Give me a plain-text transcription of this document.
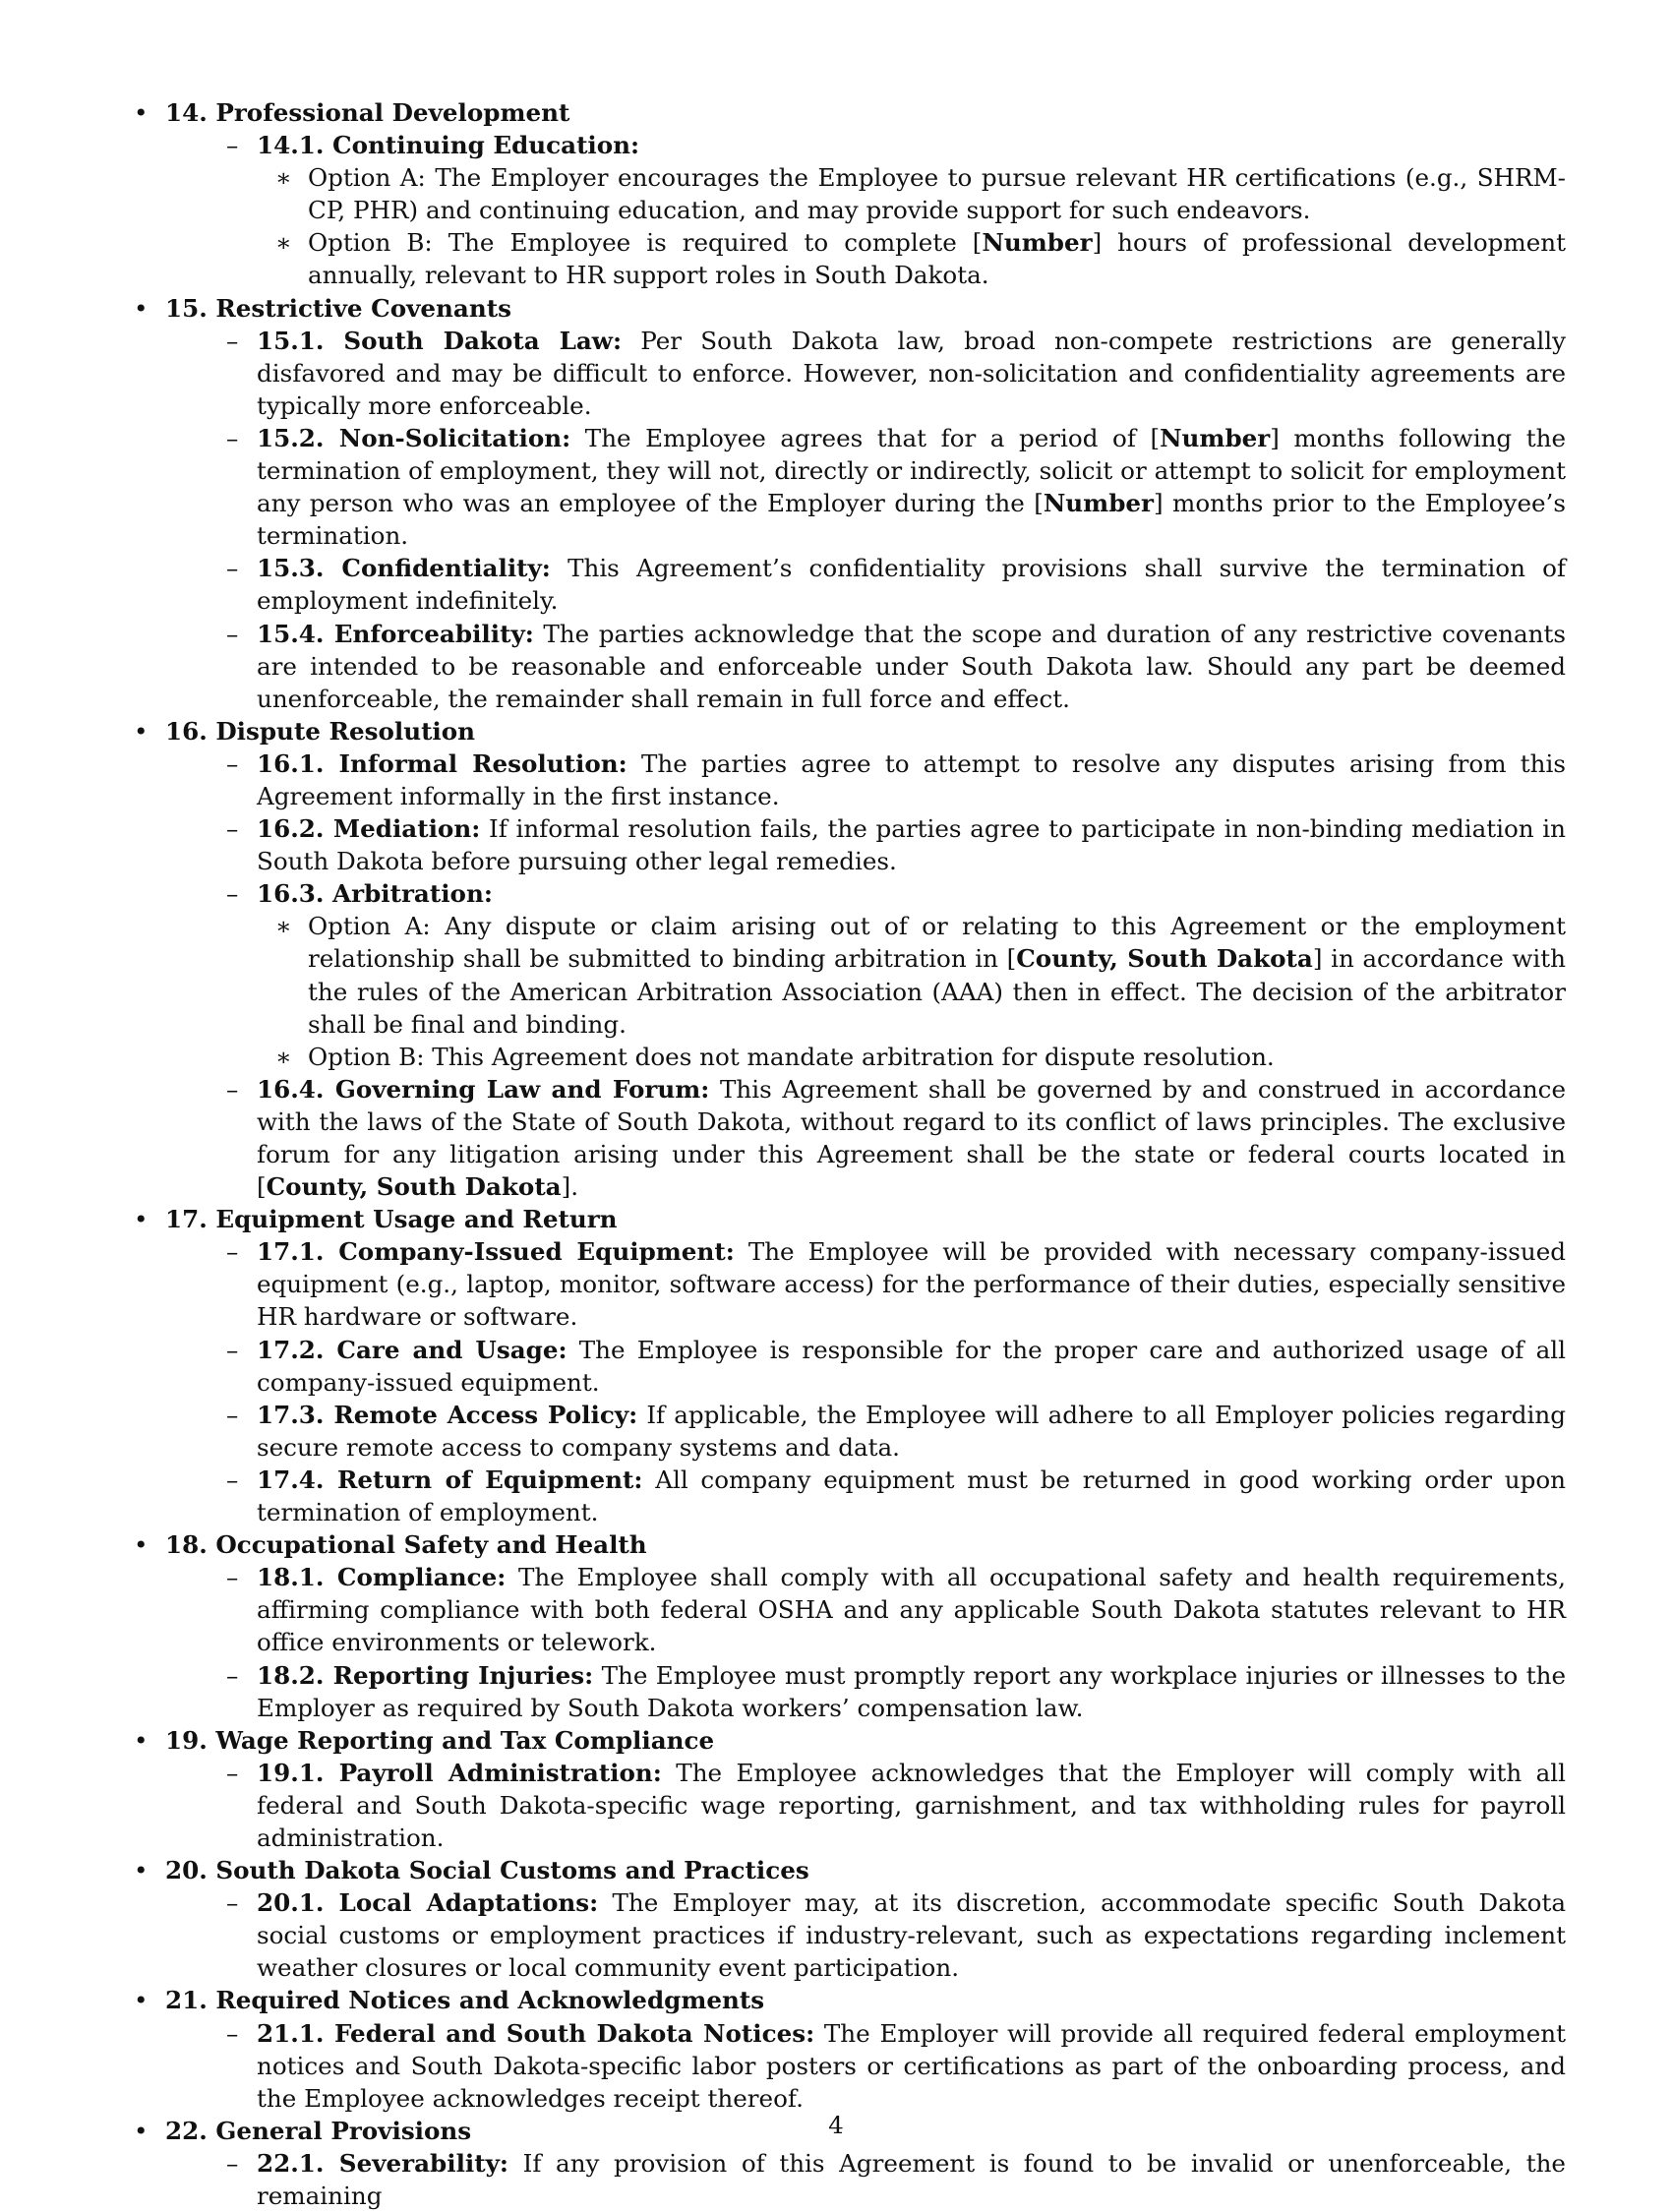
• 14. Professional Development
– 14.1. Continuing Education:
∗ Option A: The Employer encourages the Employee to pursue relevant HR certifications (e.g., SHRM-CP, PHR) and continuing education, and may provide support for such endeavors.
∗ Option B: The Employee is required to complete [Number] hours of professional development annually, relevant to HR support roles in South Dakota.
• 15. Restrictive Covenants
– 15.1. South Dakota Law: Per South Dakota law, broad non-compete restrictions are generally disfavored and may be difficult to enforce. However, non-solicitation and confidentiality agreements are typically more enforceable.
– 15.2. Non-Solicitation: The Employee agrees that for a period of [Number] months following the termination of employment, they will not, directly or indirectly, solicit or attempt to solicit for employment any person who was an employee of the Employer during the [Number] months prior to the Employee’s termination.
– 15.3. Confidentiality: This Agreement’s confidentiality provisions shall survive the termination of employment indefinitely.
– 15.4. Enforceability: The parties acknowledge that the scope and duration of any restrictive covenants are intended to be reasonable and enforceable under South Dakota law. Should any part be deemed unenforceable, the remainder shall remain in full force and effect.
• 16. Dispute Resolution
– 16.1. Informal Resolution: The parties agree to attempt to resolve any disputes arising from this Agreement informally in the first instance.
– 16.2. Mediation: If informal resolution fails, the parties agree to participate in non-binding mediation in South Dakota before pursuing other legal remedies.
– 16.3. Arbitration:
∗ Option A: Any dispute or claim arising out of or relating to this Agreement or the employment relationship shall be submitted to binding arbitration in [County, South Dakota] in accordance with the rules of the American Arbitration Association (AAA) then in effect. The decision of the arbitrator shall be final and binding.
∗ Option B: This Agreement does not mandate arbitration for dispute resolution.
– 16.4. Governing Law and Forum: This Agreement shall be governed by and construed in accordance with the laws of the State of South Dakota, without regard to its conflict of laws principles. The exclusive forum for any litigation arising under this Agreement shall be the state or federal courts located in [County, South Dakota].
• 17. Equipment Usage and Return
– 17.1. Company-Issued Equipment: The Employee will be provided with necessary company-issued equipment (e.g., laptop, monitor, software access) for the performance of their duties, especially sensitive HR hardware or software.
– 17.2. Care and Usage: The Employee is responsible for the proper care and authorized usage of all company-issued equipment.
– 17.3. Remote Access Policy: If applicable, the Employee will adhere to all Employer policies regarding secure remote access to company systems and data.
– 17.4. Return of Equipment: All company equipment must be returned in good working order upon termination of employment.
• 18. Occupational Safety and Health
– 18.1. Compliance: The Employee shall comply with all occupational safety and health requirements, affirming compliance with both federal OSHA and any applicable South Dakota statutes relevant to HR office environments or telework.
– 18.2. Reporting Injuries: The Employee must promptly report any workplace injuries or illnesses to the Employer as required by South Dakota workers’ compensation law.
• 19. Wage Reporting and Tax Compliance
– 19.1. Payroll Administration: The Employee acknowledges that the Employer will comply with all federal and South Dakota-specific wage reporting, garnishment, and tax withholding rules for payroll administration.
• 20. South Dakota Social Customs and Practices
– 20.1. Local Adaptations: The Employer may, at its discretion, accommodate specific South Dakota social customs or employment practices if industry-relevant, such as expectations regarding inclement weather closures or local community event participation.
• 21. Required Notices and Acknowledgments
– 21.1. Federal and South Dakota Notices: The Employer will provide all required federal employment notices and South Dakota-specific labor posters or certifications as part of the onboarding process, and the Employee acknowledges receipt thereof.
• 22. General Provisions
– 22.1. Severability: If any provision of this Agreement is found to be invalid or unenforceable, the remaining
4
